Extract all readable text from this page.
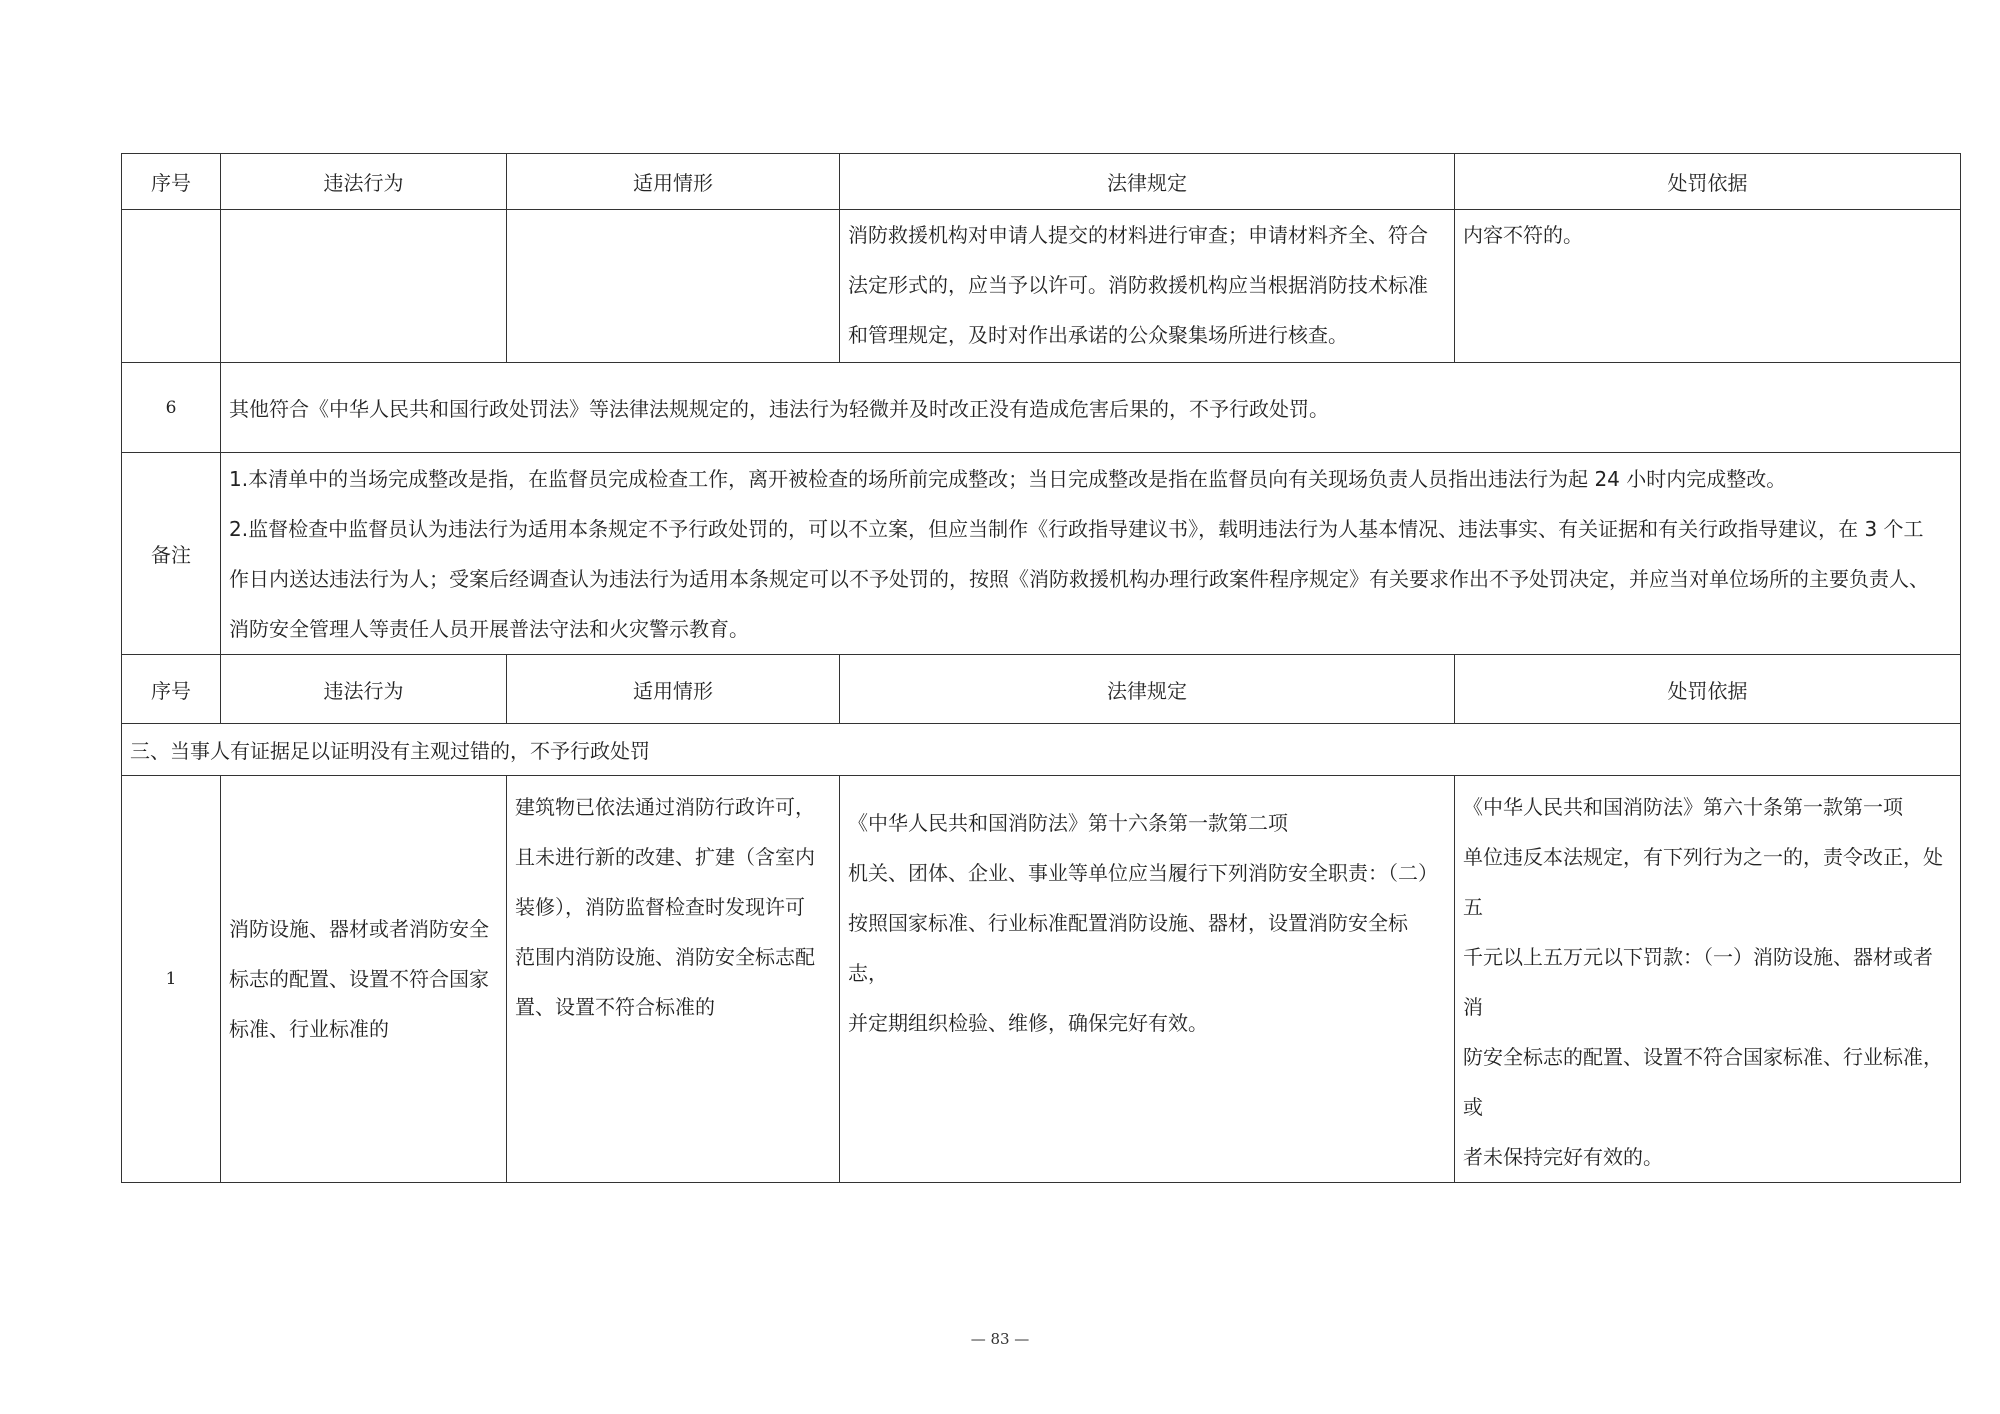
序号	违法行为	适用情形	法律规定	处罚依据

			消防救援机构对申请人提交的材料进行审查；申请材料齐全、符合
法定形式的，应当予以许可。消防救援机构应当根据消防技术标准
和管理规定，及时对作出承诺的公众聚集场所进行核查。	内容不符的。

6	其他符合《中华人民共和国行政处罚法》等法律法规规定的，违法行为轻微并及时改正没有造成危害后果的，不予行政处罚。			
备注	1.本清单中的当场完成整改是指，在监督员完成检查工作，离开被检查的场所前完成整改；当日完成整改是指在监督员向有关现场负责人员指出违法行为起 24 小时内完成整改。
2.监督检查中监督员认为违法行为适用本条规定不予行政处罚的，可以不立案，但应当制作《行政指导建议书》，载明违法行为人基本情况、违法事实、有关证据和有关行政指导建议，在 3 个工
作日内送达违法行为人；受案后经调查认为违法行为适用本条规定可以不予处罚的，按照《消防救援机构办理行政案件程序规定》有关要求作出不予处罚决定，并应当对单位场所的主要负责人、
消防安全管理人等责任人员开展普法守法和火灾警示教育。			

序号	违法行为	适用情形	法律规定	处罚依据
三、当事人有证据足以证明没有主观过错的，不予行政处罚				
1	消防设施、器材或者消防安全
标志的配置、设置不符合国家
标准、行业标准的	建筑物已依法通过消防行政许可，
且未进行新的改建、扩建（含室内
装修），消防监督检查时发现许可
范围内消防设施、消防安全标志配
置、设置不符合标准的	《中华人民共和国消防法》第十六条第一款第二项
机关、团体、企业、事业等单位应当履行下列消防安全职责：（二）
按照国家标准、行业标准配置消防设施、器材，设置消防安全标志，
并定期组织检验、维修，确保完好有效。	《中华人民共和国消防法》第六十条第一款第一项
单位违反本法规定，有下列行为之一的，责令改正，处五
千元以上五万元以下罚款：（一）消防设施、器材或者消
防安全标志的配置、设置不符合国家标准、行业标准，或
者未保持完好有效的。
— 83 —
